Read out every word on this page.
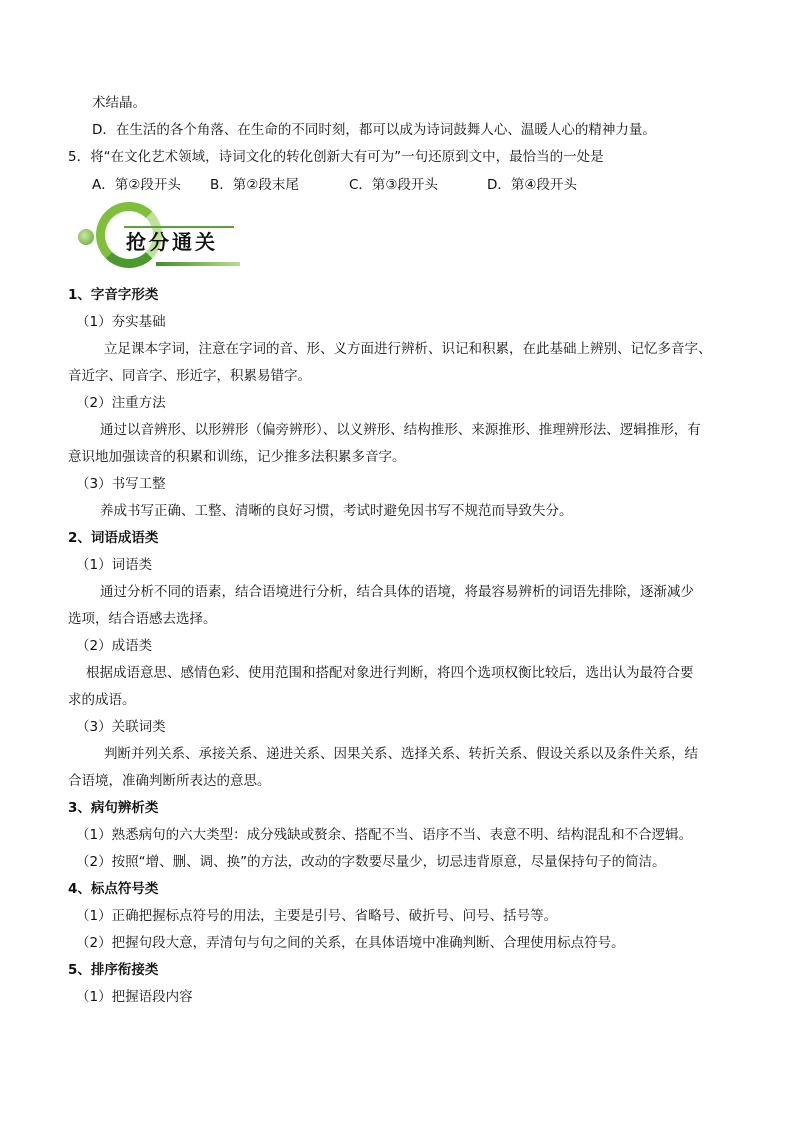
术结晶。
D．在生活的各个角落、在生命的不同时刻，都可以成为诗词鼓舞人心、温暖人心的精神力量。
5．将“在文化艺术领域，诗词文化的转化创新大有可为”一句还原到文中，最恰当的一处是
A．第②段开头 B．第②段末尾	C．第③段开头	D．第④段开头
抢分通关
1、字音字形类
（1）夯实基础
立足课本字词，注意在字词的音、形、义方面进行辨析、识记和积累，在此基础上辨别、记忆多音字、
音近字、同音字、形近字，积累易错字。
（2）注重方法
通过以音辨形、以形辨形（偏旁辨形）、以义辨形、结构推形、来源推形、推理辨形法、逻辑推形，有
意识地加强读音的积累和训练，记少推多法积累多音字。
（3）书写工整
养成书写正确、工整、清晰的良好习惯，考试时避免因书写不规范而导致失分。
2、词语成语类
（1）词语类
通过分析不同的语素，结合语境进行分析，结合具体的语境，将最容易辨析的词语先排除，逐渐减少
选项，结合语感去选择。
（2）成语类
根据成语意思、感情色彩、使用范围和搭配对象进行判断，将四个选项权衡比较后，选出认为最符合要
求的成语。
（3）关联词类
判断并列关系、承接关系、递进关系、因果关系、选择关系、转折关系、假设关系以及条件关系，结
合语境，准确判断所表达的意思。
3、病句辨析类
（1）熟悉病句的六大类型：成分残缺或赘余、搭配不当、语序不当、表意不明、结构混乱和不合逻辑。
（2）按照“增、删、调、换”的方法，改动的字数要尽量少，切忌违背原意，尽量保持句子的简洁。
4、标点符号类
（1）正确把握标点符号的用法，主要是引号、省略号、破折号、问号、括号等。
（2）把握句段大意，弄清句与句之间的关系，在具体语境中准确判断、合理使用标点符号。
5、排序衔接类
（1）把握语段内容
